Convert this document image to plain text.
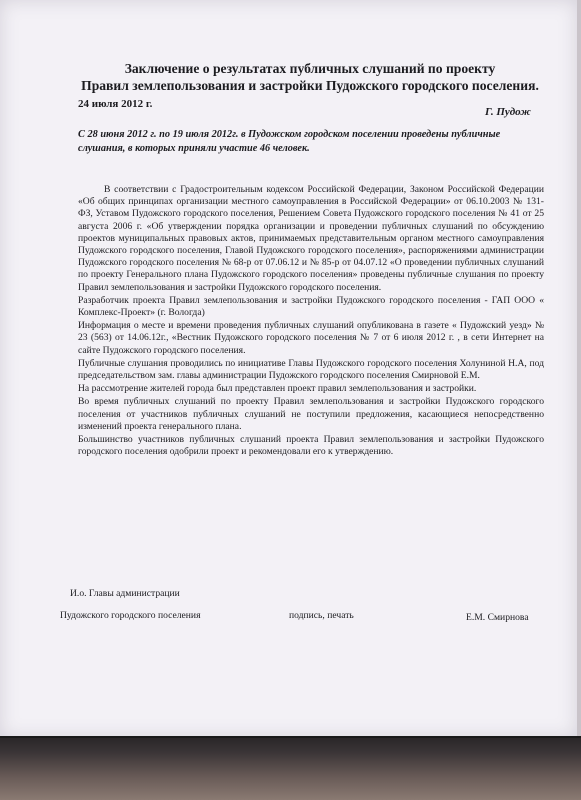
Заключение о результатах публичных слушаний по проекту
Правил землепользования и застройки Пудожского городского поселения.
24 июля 2012 г.
Г. Пудож
С 28 июня 2012 г. по 19 июля 2012г. в Пудожском городском поселении проведены публичные слушания, в которых приняли участие 46 человек.

В соответствии с Градостроительным кодексом Российской Федерации, Законом Российской Федерации «Об общих принципах организации местного самоуправления в Российской Федерации» от 06.10.2003 № 131-ФЗ, Уставом Пудожского городского поселения, Решением Совета Пудожского городского поселения № 41 от 25 августа 2006 г. «Об утверждении порядка организации и проведении публичных слушаний по обсуждению проектов муниципальных правовых актов, принимаемых представительным органом местного самоуправления Пудожского городского поселения, Главой Пудожского городского поселения», распоряжениями администрации Пудожского городского поселения № 68-р от 07.06.12 и № 85-р от 04.07.12 «О проведении публичных слушаний по проекту Генерального плана Пудожского городского поселения» проведены публичные слушания по проекту Правил землепользования и застройки Пудожского городского поселения.

Разработчик проекта Правил землепользования и застройки Пудожского городского поселения - ГАП ООО « Комплекс-Проект» (г. Вологда)

Информация о месте и времени проведения публичных слушаний опубликована в газете « Пудожский уезд» № 23 (563) от 14.06.12г., «Вестник Пудожского городского поселения № 7 от 6 июля 2012 г. , в сети Интернет на сайте Пудожского городского поселения.

Публичные слушания проводились по инициативе Главы Пудожского городского поселения Холуниной Н.А, под председательством зам. главы администрации Пудожского городского поселения Смирновой Е.М.

На рассмотрение жителей города был представлен проект правил землепользования и застройки.

Во время публичных слушаний по проекту Правил землепользования и застройки Пудожского городского поселения от участников публичных слушаний не поступили предложения, касающиеся непосредственно изменений проекта генерального плана.

Большинство участников публичных слушаний проекта Правил землепользования и застройки Пудожского городского поселения одобрили проект и рекомендовали его к утверждению.

И.о. Главы администрации
Пудожского городского поселения	подпись, печать	Е.М. Смирнова
